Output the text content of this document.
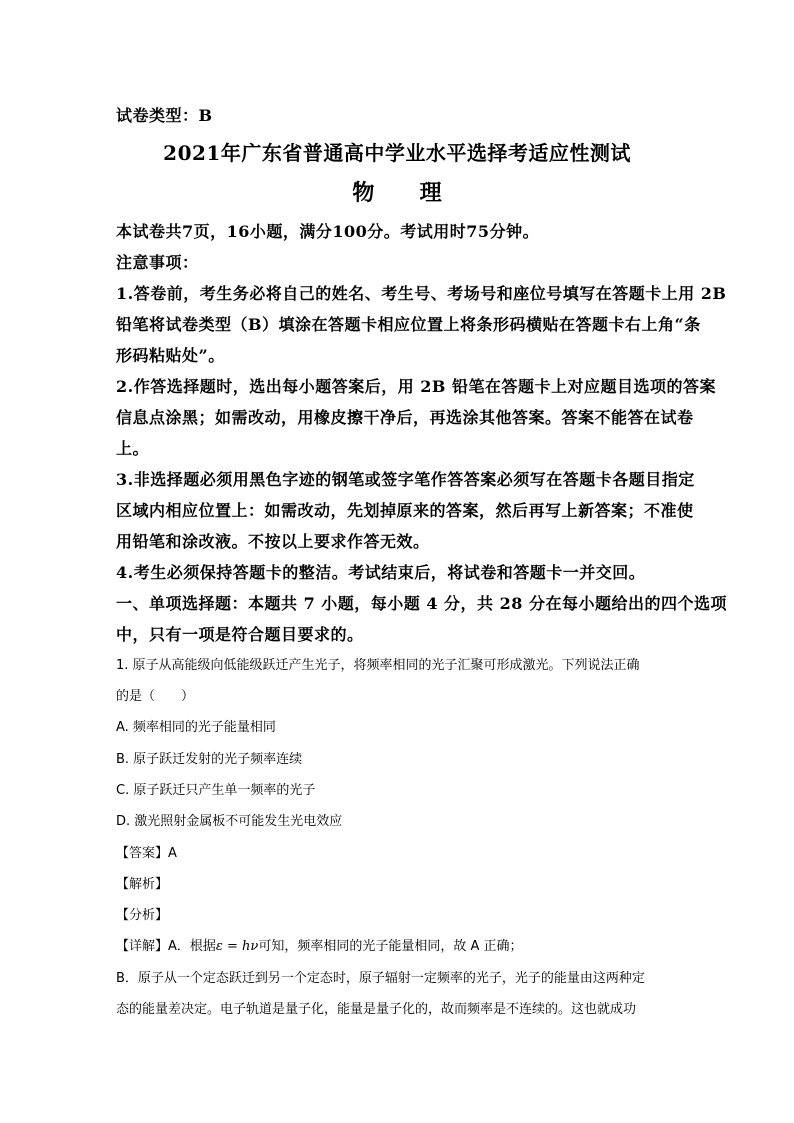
试卷类型：B
2021年广东省普通高中学业水平选择考适应性测试
物 理
本试卷共7页，16小题，满分100分。考试用时75分钟。
注意事项：
1.答卷前，考生务必将自己的姓名、考生号、考场号和座位号填写在答题卡上用 2B
铅笔将试卷类型（B）填涂在答题卡相应位置上将条形码横贴在答题卡右上角“条
形码粘贴处”。
2.作答选择题时，选出每小题答案后，用 2B 铅笔在答题卡上对应题目选项的答案
信息点涂黑；如需改动，用橡皮擦干净后，再选涂其他答案。答案不能答在试卷
上。
3.非选择题必须用黑色字迹的钢笔或签字笔作答答案必须写在答题卡各题目指定
区域内相应位置上：如需改动，先划掉原来的答案，然后再写上新答案；不准使
用铅笔和涂改液。不按以上要求作答无效。
4.考生必须保持答题卡的整洁。考试结束后，将试卷和答题卡一并交回。
一、单项选择题：本题共 7 小题，每小题 4 分，共 28 分在每小题给出的四个选项
中，只有一项是符合题目要求的。
1. 原子从高能级向低能级跃迁产生光子，将频率相同的光子汇聚可形成激光。下列说法正确
的是（　　）
A. 频率相同的光子能量相同
B. 原子跃迁发射的光子频率连续
C. 原子跃迁只产生单一频率的光子
D. 激光照射金属板不可能发生光电效应
【答案】A
【解析】
【分析】
【详解】A．根据ε = hν可知，频率相同的光子能量相同，故 A 正确；
B．原子从一个定态跃迁到另一个定态时，原子辐射一定频率的光子，光子的能量由这两种定
态的能量差决定。电子轨道是量子化，能量是量子化的，故而频率是不连续的。这也就成功
